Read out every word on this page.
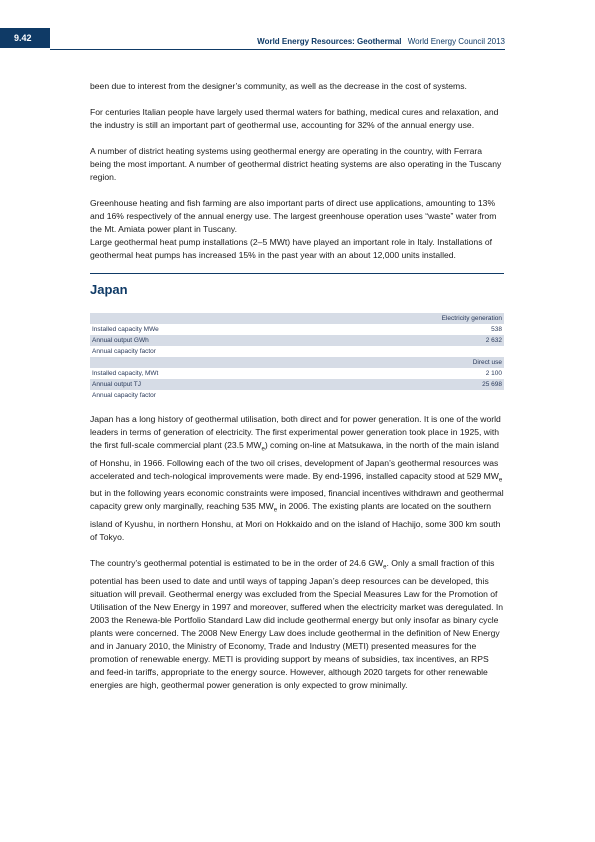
9.42	World Energy Resources: Geothermal World Energy Council 2013

been due to interest from the designer’s community, as well as the decrease in the cost of systems.

For centuries Italian people have largely used thermal waters for bathing, medical cures and relaxation, and the industry is still an important part of geothermal use, accounting for 32% of the annual energy use.

A number of district heating systems using geothermal energy are operating in the country, with Ferrara being the most important. A number of geothermal district heating systems are also operating in the Tuscany region.

Greenhouse heating and fish farming are also important parts of direct use applications, amounting to 13% and 16% respectively of the annual energy use. The largest greenhouse operation uses “waste” water from the Mt. Amiata power plant in Tuscany.

Large geothermal heat pump installations (2–5 MWt) have played an important role in Italy. Installations of geothermal heat pumps has increased 15% in the past year with an about 12,000 units installed.

Japan
Electricity generation	
Installed capacity MWe	538
Annual output GWh	2 632
Annual capacity factor	
Direct use	
Installed capacity, MWt	2 100
Annual output TJ	25 698
Annual capacity factor	

Japan has a long history of geothermal utilisation, both direct and for power generation. It is one of the world leaders in terms of generation of electricity. The first experimental power generation took place in 1925, with the first full-scale commercial plant (23.5 $MW_e$) coming on-line at Matsukawa, in the north of the main island of Honshu, in 1966. Following each of the two oil crises, development of Japan’s geothermal resources was accelerated and tech-nological improvements were made. By end-1996, installed capacity stood at 529 $MW_e$ but in the following years economic constraints were imposed, financial incentives withdrawn and geothermal capacity grew only marginally, reaching 535 $MW_e$ in 2006. The existing plants are located on the southern island of Kyushu, in northern Honshu, at Mori on Hokkaido and on the island of Hachijo, some 300 km south of Tokyo.

The country’s geothermal potential is estimated to be in the order of 24.6 $GW_e$. Only a small fraction of this potential has been used to date and until ways of tapping Japan’s deep resources can be developed, this situation will prevail. Geothermal energy was excluded from the Special Measures Law for the Promotion of Utilisation of the New Energy in 1997 and moreover, suffered when the electricity market was deregulated. In 2003 the Renewa-ble Portfolio Standard Law did include geothermal energy but only insofar as binary cycle plants were concerned. The 2008 New Energy Law does include geothermal in the definition of New Energy and in January 2010, the Ministry of Economy, Trade and Industry (METI) presented measures for the promotion of renewable energy. METI is providing support by means of subsidies, tax incentives, an RPS and feed-in tariffs, appropriate to the energy source. However, although 2020 targets for other renewable energies are high, geothermal power generation is only expected to grow minimally.
